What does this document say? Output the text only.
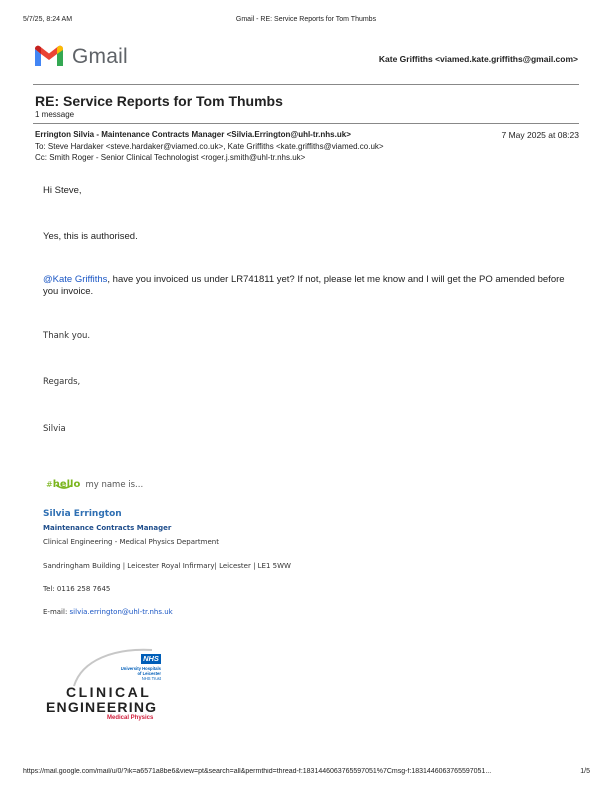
5/7/25, 8:24 AM	Gmail - RE: Service Reports for Tom Thumbs
Gmail	Kate Griffiths <viamed.kate.griffiths@gmail.com>
RE: Service Reports for Tom Thumbs
1 message
Errington Silvia - Maintenance Contracts Manager <Silvia.Errington@uhl-tr.nhs.uk>	7 May 2025 at 08:23
To: Steve Hardaker <steve.hardaker@viamed.co.uk>, Kate Griffiths <kate.griffiths@viamed.co.uk>
Cc: Smith Roger - Senior Clinical Technologist <roger.j.smith@uhl-tr.nhs.uk>
Hi Steve,
Yes, this is authorised.
@Kate Griffiths, have you invoiced us under LR741811 yet? If not, please let me know and I will get the PO amended before you invoice.
Thank you.
Regards,
Silvia
#hello my name is...
Silvia Errington
Maintenance Contracts Manager
Clinical Engineering - Medical Physics Department
Sandringham Building | Leicester Royal Infirmary| Leicester | LE1 5WW
Tel: 0116 258 7645
E-mail: silvia.errington@uhl-tr.nhs.uk
NHS
University Hospitals
of Leicester
NHS Trust
CLINICAL
ENGINEERING
Medical Physics
https://mail.google.com/mail/u/0/?ik=a6571a8be6&view=pt&search=all&permthid=thread-f:1831446063765597051%7Cmsg-f:1831446063765597051...	1/5
